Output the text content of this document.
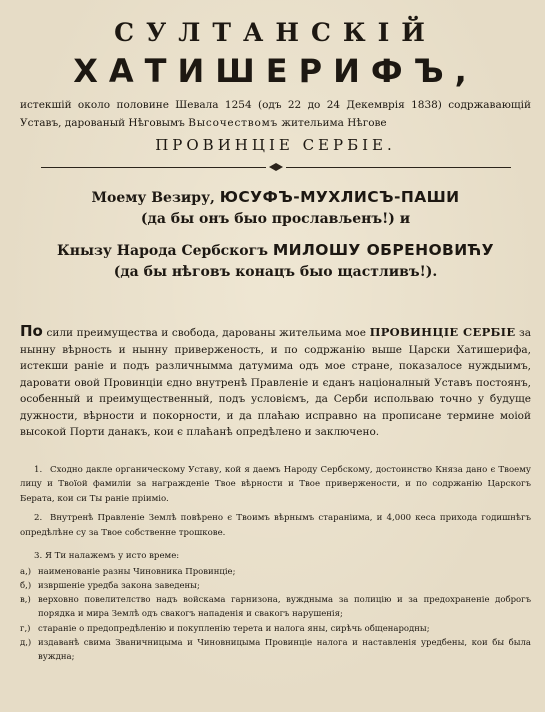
СУЛТАНСКIЙ
ХАТИШЕРИФЪ,

истекшій около половине Шевала 1254 (одъ 22 до 24 Декемврія 1838) содржавающій Уставъ, дарованый Нѣговымъ Высочествомъ жительима Нѣгове

ПРОВИНЦIЕ СЕРБIЕ.

Моему Везиру, ЮСУФЪ-МУХЛИСЪ-ПАШИ

(да бы онъ быо прослављенъ!) и

Кнызу Народа Сербскогъ МИЛОШУ ОБРЕНОВИЋУ

(да бы нѣговъ конацъ быо щастливъ!).

По сили преимущества и свобода, дарованы жительима мое ПРОВИНЦIЕ СЕРБIЕ за нынну вѣрность и нынну приверженость, и по содржанію выше Царски Хатишерифа, истекши раніе и подъ различнымма датумима одъ мое стране, показалосе нуждыимъ, даровати овой Провинціи єдно внутренѣ Правленіе и єданъ націоналный Уставъ постоянъ, особенный и преимущественный, подъ условіємъ, да Серби испольваю точно у будуще дужности, вѣрности и покорности, и да плаћаю исправно на прописане термине моiой высокой Порти данакъ, кои є плаћанѣ опредѣлено и заключено.

1. Сходно дакле органическому Уставу, кой я даемъ Народу Сербскому, достоинство Княза дано є Твоему лицу и Твоїой фамиліи за награжденіе Твое вѣрности и Твое привержености, и по содржанію Царскогъ Берата, кои си Ты раніе пріимio.

2. Внутренѣ Правленіе Землѣ повѣрено є Твоимъ вѣрнымъ стараніима, и 4,000 кеса прихода годишнѣгъ опредѣлѣне су за Твое собственне трошкове.

3. Я Ти налажемъ у исто време:

а,) наименованіе разны Чиновника Провинціе;
б,) извршеніе уредба закона заведены;
в,) верховно повелителство надъ войскама гарнизона, вуждныма за полицію и за предохраненіе доброгъ порядка и мира Землѣ одъ свакогъ нападенія и свакогъ нарушенія;
г,) стараніе о предопредѣленію и покупленію терета и налога яны, сирѣчь общенародны;
д,) издаванѣ свима Званичницыма и Чиновницыма Провинціе налога и наставленія уредбены, кои бы была вуждна;
